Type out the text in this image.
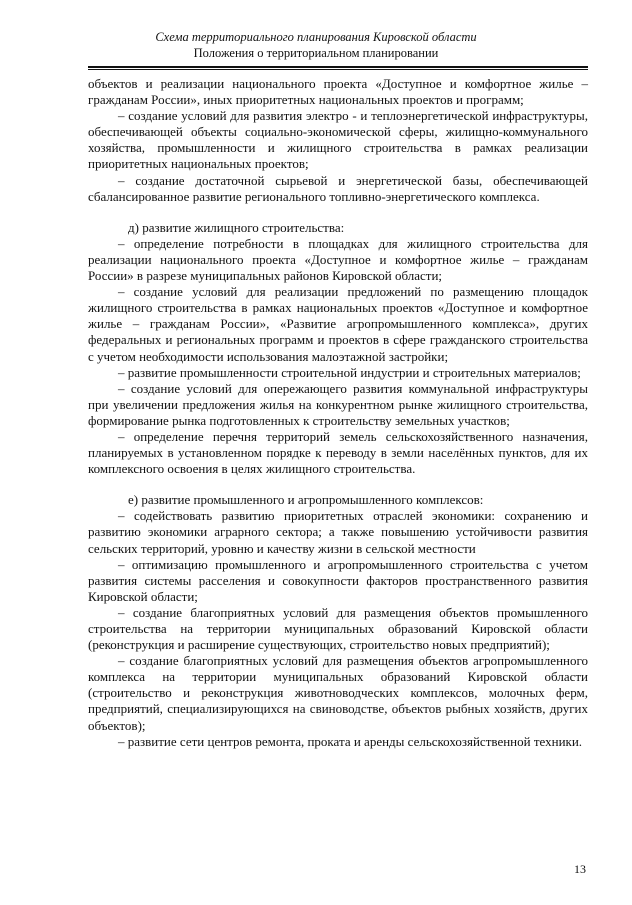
Схема территориального планирования Кировской области
Положения о территориальном планировании

объектов и реализации национального проекта «Доступное и комфортное жилье – гражданам России», иных приоритетных национальных проектов и программ;

– создание условий для развития электро - и теплоэнергетической инфраструктуры, обеспечивающей объекты социально-экономической сферы, жилищно-коммунального хозяйства, промышленности и жилищного строительства в рамках реализации приоритетных национальных проектов;

– создание достаточной сырьевой и энергетической базы, обеспечивающей сбалансированное развитие регионального топливно-энергетического комплекса.

д) развитие жилищного строительства:

– определение потребности в площадках для жилищного строительства для реализации национального проекта «Доступное и комфортное жилье – гражданам России» в разрезе муниципальных районов Кировской области;

– создание условий для реализации предложений по размещению площадок жилищного строительства в рамках национальных проектов «Доступное и комфортное жилье – гражданам России», «Развитие агропромышленного комплекса», других федеральных и региональных программ и проектов в сфере гражданского строительства с учетом необходимости использования малоэтажной застройки;

– развитие промышленности строительной индустрии и строительных материалов;

– создание условий для опережающего развития коммунальной инфраструктуры при увеличении предложения жилья на конкурентном рынке жилищного строительства, формирование рынка подготовленных к строительству земельных участков;

– определение перечня территорий земель сельскохозяйственного назначения, планируемых в установленном порядке к переводу в земли населённых пунктов, для их комплексного освоения в целях жилищного строительства.

е) развитие промышленного и агропромышленного комплексов:

– содействовать развитию приоритетных отраслей экономики: сохранению и развитию экономики аграрного сектора; а также повышению устойчивости развития сельских территорий, уровню и качеству жизни в сельской местности

– оптимизацию промышленного и агропромышленного строительства с учетом развития системы расселения и совокупности факторов пространственного развития Кировской области;

– создание благоприятных условий для размещения объектов промышленного строительства на территории муниципальных образований Кировской области (реконструкция и расширение существующих, строительство новых предприятий);

– создание благоприятных условий для размещения объектов агропромышленного комплекса на территории муниципальных образований Кировской области (строительство и реконструкция животноводческих комплексов, молочных ферм, предприятий, специализирующихся на свиноводстве, объектов рыбных хозяйств, других объектов);

– развитие сети центров ремонта, проката и аренды сельскохозяйственной техники.

13
